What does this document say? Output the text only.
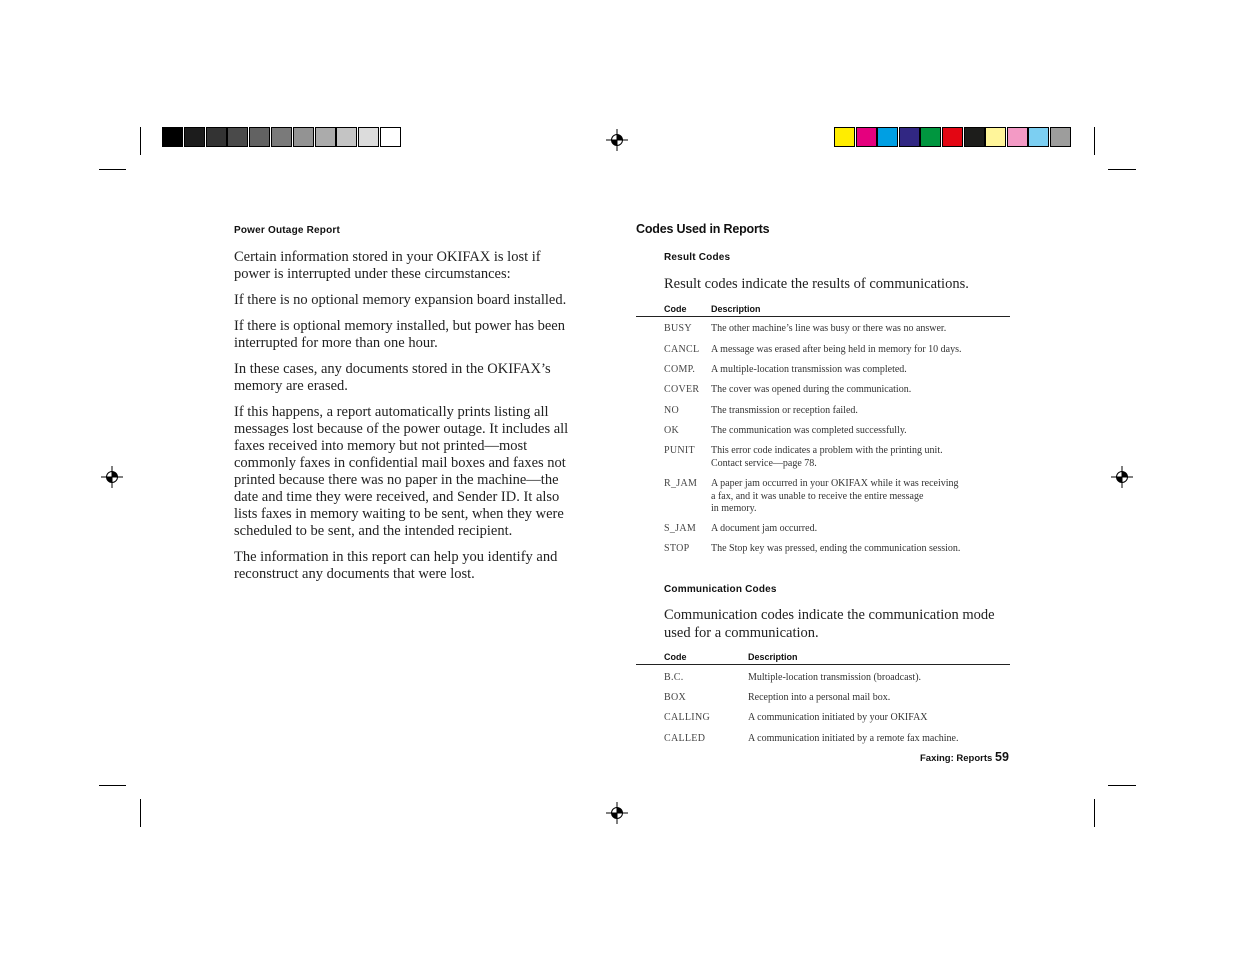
Power Outage Report

Certain information stored in your OKIFAX is lost if power is interrupted under these circumstances:

If there is no optional memory expansion board installed.

If there is optional memory installed, but power has been interrupted for more than one hour.

In these cases, any documents stored in the OKIFAX’s memory are erased.

If this happens, a report automatically prints listing all messages lost because of the power outage. It includes all faxes received into memory but not printed—most commonly faxes in confidential mail boxes and faxes not printed because there was no paper in the machine—the date and time they were received, and Sender ID. It also lists faxes in memory waiting to be sent, when they were scheduled to be sent, and the intended recipient.

The information in this report can help you identify and reconstruct any documents that were lost.

Codes Used in Reports
Result Codes
Result codes indicate the results of communications.
Code	Description
BUSY The other machine’s line was busy or there was no answer.
CANCL A message was erased after being held in memory for 10 days.
COMP. A multiple-location transmission was completed.
COVER The cover was opened during the communication.
NO	The transmission or reception failed.
OK	The communication was completed successfully.
PUNIT This error code indicates a problem with the printing unit.
Contact service—page 78.
R_JAM A paper jam occurred in your OKIFAX while it was receiving
a fax, and it was unable to receive the entire message
in memory.
S_JAM A document jam occurred.
STOP The Stop key was pressed, ending the communication session.
Communication Codes
Communication codes indicate the communication mode used for a communication.
Code	Description
B.C.	Multiple-location transmission (broadcast).
BOX	Reception into a personal mail box.
CALLING	A communication initiated by your OKIFAX
CALLED	A communication initiated by a remote fax machine.
Faxing: Reports 59
